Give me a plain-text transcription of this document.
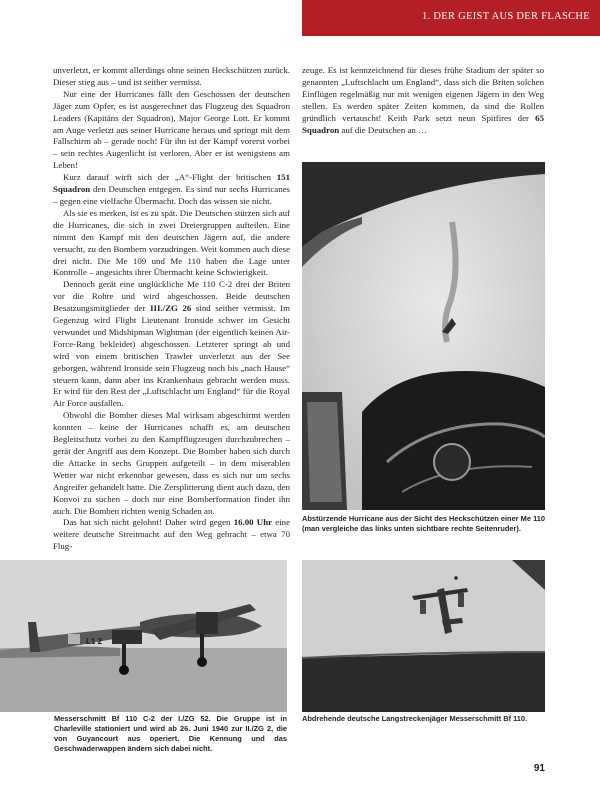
1. DER GEIST AUS DER FLASCHE

unverletzt, er kommt allerdings ohne seinen Heckschützen zurück. Dieser stieg aus – und ist seither vermisst.

Nur eine der Hurricanes fällt den Geschossen der deutschen Jäger zum Opfer, es ist ausgerechnet das Flugzeug des Squadron Leaders (Kapitäns der Squadron), Major George Lott. Er kommt am Auge verletzt aus seiner Hurricane heraus und springt mit dem Fallschirm ab – gerade noch! Für ihn ist der Kampf vorerst vorbei – sein rechtes Augenlicht ist verloren. Aber er ist wenigstens am Leben!

Kurz darauf wirft sich der „A“-Flight der britischen 151 Squadron den Deutschen entgegen. Es sind nur sechs Hurricanes – gegen eine vielfache Übermacht. Doch das wissen sie nicht.

Als sie es merken, ist es zu spät. Die Deutschen stürzen sich auf die Hurricanes, die sich in zwei Dreiergruppen aufteilen. Eine nimmt den Kampf mit den deutschen Jägern auf, die andere versucht, zu den Bombern vorzudringen. Weit kommen auch diese drei nicht. Die Me 109 und Me 110 haben die Lage unter Kontrolle – angesichts ihrer Übermacht keine Schwierigkeit.

Dennoch gerät eine unglückliche Me 110 C-2 drei der Briten vor die Rohre und wird abgeschossen. Beide deutschen Besatzungsmitglieder der III./ZG 26 sind seither vermisst. Im Gegenzug wird Flight Lieutenant Ironside schwer im Gesicht verwundet und Midshipman Wightman (der eigentlich keinen Air-Force-Rang bekleidet) abgeschossen. Letzterer springt ab und wird von einem britischen Trawler unverletzt aus der See geborgen, während Ironside sein Flugzeug noch bis „nach Hause“ steuern kann, dann aber ins Krankenhaus gebracht werden muss. Er wird für den Rest der „Luftschlacht um England“ für die Royal Air Force ausfallen.

Obwohl die Bomber dieses Mal wirksam abgeschirmt werden konnten – keine der Hurricanes schafft es, am deutschen Begleitschutz vorbei zu den Kampfflugzeugen durchzubrechen – gerät der Angriff aus dem Konzept. Die Bomber haben sich durch die Attacke in sechs Gruppen aufgeteilt – in dem miserablen Wetter war nicht erkennbar gewesen, dass es sich nur um sechs Angreifer gehandelt hatte. Die Zersplitterung dient auch dazu, den Konvoi zu suchen – doch nur eine Bomberformation findet ihn auch. Die Bomben richten wenig Schaden an.

Das hat sich nicht gelohnt! Daher wird gegen 16.00 Uhr eine weitere deutsche Streitmacht auf den Weg gebracht – etwa 70 Flug-

zeuge. Es ist kennzeichnend für dieses frühe Stadium der später so genannten „Luftschlacht um England“, dass sich die Briten solchen Einflügen regelmäßig nur mit wenigen eigenen Jägern in den Weg stellen. Es werden später Zeiten kommen, da sind die Rollen gründlich vertauscht! Keith Park setzt neun Spitfires der 65 Squadron auf die Deutschen an …

Abstürzende Hurricane aus der Sicht des Heckschützen einer Me 110 (man vergleiche das links unten sichtbare rechte Seitenruder).
L1 2
Messerschmitt Bf 110 C-2 der I./ZG 52. Die Gruppe ist in Charleville stationiert und wird ab 26. Juni 1940 zur II./ZG 2, die von Guyancourt aus operiert. Die Kennung und das Geschwaderwappen ändern sich dabei nicht.
Abdrehende deutsche Langstreckenjäger Messerschmitt Bf 110.
91
